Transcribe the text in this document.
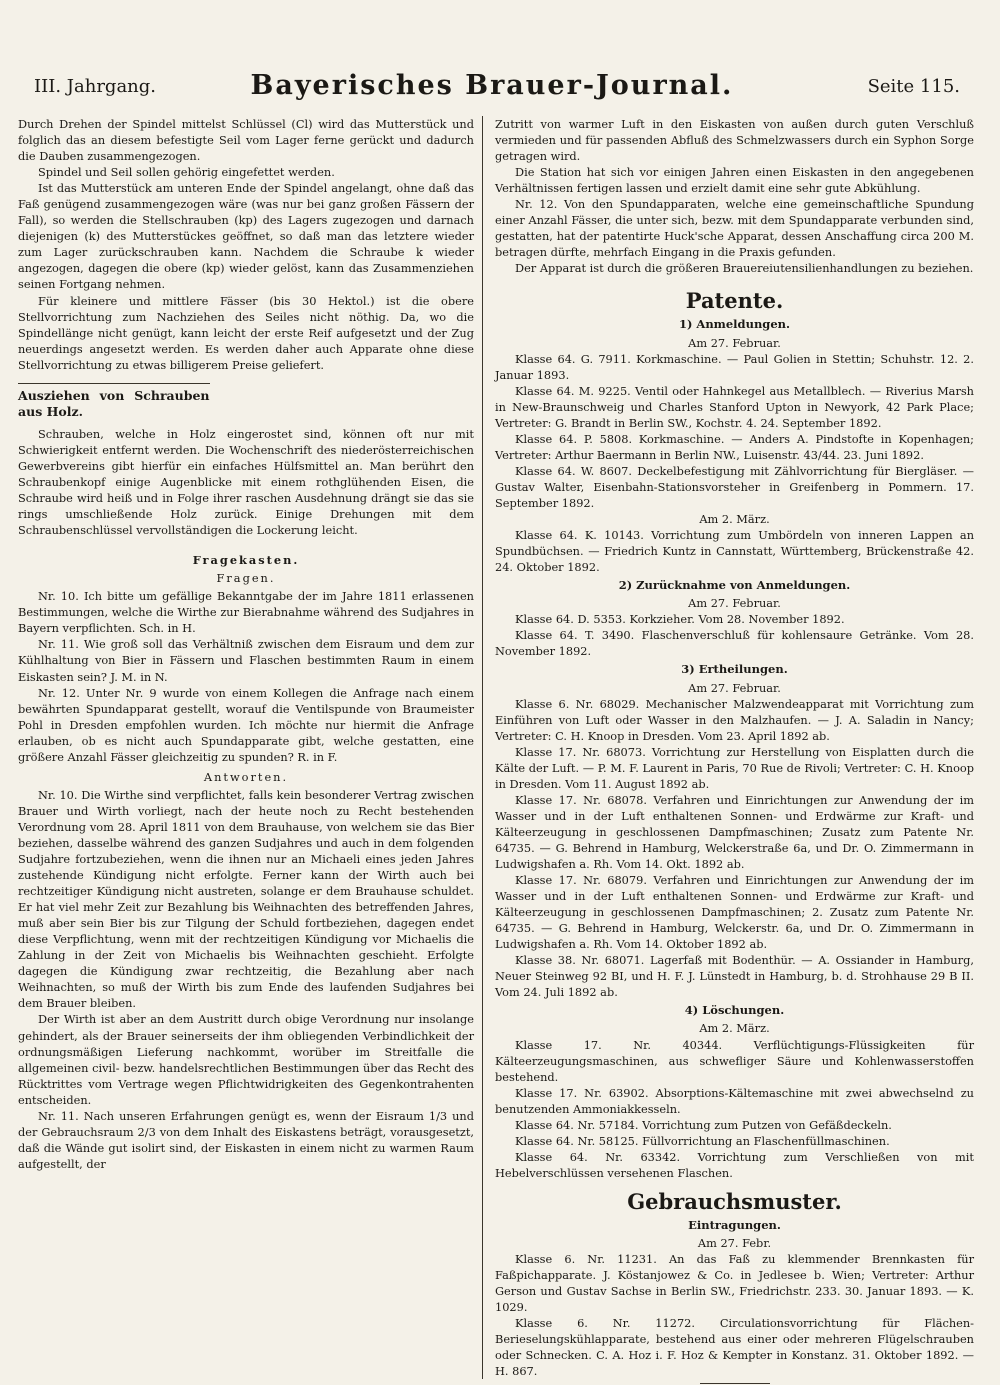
III. Jahrgang.	Bayerisches Brauer-Journal.	Seite 115.

Durch Drehen der Spindel mittelst Schlüssel (Cl) wird das Mutterstück und folglich das an diesem befestigte Seil vom Lager ferne gerückt und dadurch die Dauben zusammengezogen.

Spindel und Seil sollen gehörig eingefettet werden.

Ist das Mutterstück am unteren Ende der Spindel angelangt, ohne daß das Faß genügend zusammengezogen wäre (was nur bei ganz großen Fässern der Fall), so werden die Stellschrauben (kp) des Lagers zugezogen und darnach diejenigen (k) des Mutterstückes geöffnet, so daß man das letztere wieder zum Lager zurückschrauben kann. Nachdem die Schraube k wieder angezogen, dagegen die obere (kp) wieder gelöst, kann das Zusammenziehen seinen Fortgang nehmen.

Für kleinere und mittlere Fässer (bis 30 Hektol.) ist die obere Stellvorrichtung zum Nachziehen des Seiles nicht nöthig. Da, wo die Spindellänge nicht genügt, kann leicht der erste Reif aufgesetzt und der Zug neuerdings angesetzt werden. Es werden daher auch Apparate ohne diese Stellvorrichtung zu etwas billigerem Preise geliefert.

Ausziehen von Schrauben aus Holz.

Schrauben, welche in Holz eingerostet sind, können oft nur mit Schwierigkeit entfernt werden. Die Wochenschrift des niederösterreichischen Gewerbvereins gibt hierfür ein einfaches Hülfsmittel an. Man berührt den Schraubenkopf einige Augenblicke mit einem rothglühenden Eisen, die Schraube wird heiß und in Folge ihrer raschen Ausdehnung drängt sie das sie rings umschließende Holz zurück. Einige Drehungen mit dem Schraubenschlüssel vervollständigen die Lockerung leicht.

Fragekasten.
Fragen.

Nr. 10. Ich bitte um gefällige Bekanntgabe der im Jahre 1811 erlassenen Bestimmungen, welche die Wirthe zur Bierabnahme während des Sudjahres in Bayern verpflichten. Sch. in H.

Nr. 11. Wie groß soll das Verhältniß zwischen dem Eisraum und dem zur Kühlhaltung von Bier in Fässern und Flaschen bestimmten Raum in einem Eiskasten sein? J. M. in N.

Nr. 12. Unter Nr. 9 wurde von einem Kollegen die Anfrage nach einem bewährten Spundapparat gestellt, worauf die Ventilspunde von Braumeister Pohl in Dresden empfohlen wurden. Ich möchte nur hiermit die Anfrage erlauben, ob es nicht auch Spundapparate gibt, welche gestatten, eine größere Anzahl Fässer gleichzeitig zu spunden? R. in F.

Antworten.

Nr. 10. Die Wirthe sind verpflichtet, falls kein besonderer Vertrag zwischen Brauer und Wirth vorliegt, nach der heute noch zu Recht bestehenden Verordnung vom 28. April 1811 von dem Brauhause, von welchem sie das Bier beziehen, dasselbe während des ganzen Sudjahres und auch in dem folgenden Sudjahre fortzubeziehen, wenn die ihnen nur an Michaeli eines jeden Jahres zustehende Kündigung nicht erfolgte. Ferner kann der Wirth auch bei rechtzeitiger Kündigung nicht austreten, solange er dem Brauhause schuldet. Er hat viel mehr Zeit zur Bezahlung bis Weihnachten des betreffenden Jahres, muß aber sein Bier bis zur Tilgung der Schuld fortbeziehen, dagegen endet diese Verpflichtung, wenn mit der rechtzeitigen Kündigung vor Michaelis die Zahlung in der Zeit von Michaelis bis Weihnachten geschieht. Erfolgte dagegen die Kündigung zwar rechtzeitig, die Bezahlung aber nach Weihnachten, so muß der Wirth bis zum Ende des laufenden Sudjahres bei dem Brauer bleiben.

Der Wirth ist aber an dem Austritt durch obige Verordnung nur insolange gehindert, als der Brauer seinerseits der ihm obliegenden Verbindlichkeit der ordnungsmäßigen Lieferung nachkommt, worüber im Streitfalle die allgemeinen civil- bezw. handelsrechtlichen Bestimmungen über das Recht des Rücktrittes vom Vertrage wegen Pflichtwidrigkeiten des Gegenkontrahenten entscheiden.

Nr. 11. Nach unseren Erfahrungen genügt es, wenn der Eisraum 1/3 und der Gebrauchsraum 2/3 von dem Inhalt des Eiskastens beträgt, vorausgesetzt, daß die Wände gut isolirt sind, der Eiskasten in einem nicht zu warmen Raum aufgestellt, der

Zutritt von warmer Luft in den Eiskasten von außen durch guten Verschluß vermieden und für passenden Abfluß des Schmelzwassers durch ein Syphon Sorge getragen wird.

Die Station hat sich vor einigen Jahren einen Eiskasten in den angegebenen Verhältnissen fertigen lassen und erzielt damit eine sehr gute Abkühlung.

Nr. 12. Von den Spundapparaten, welche eine gemeinschaftliche Spundung einer Anzahl Fässer, die unter sich, bezw. mit dem Spundapparate verbunden sind, gestatten, hat der patentirte Huck'sche Apparat, dessen Anschaffung circa 200 M. betragen dürfte, mehrfach Eingang in die Praxis gefunden.

Der Apparat ist durch die größeren Brauereiutensilienhandlungen zu beziehen.

Patente.
1) Anmeldungen.
Am 27. Februar.

Klasse 64. G. 7911. Korkmaschine. — Paul Golien in Stettin; Schuhstr. 12. 2. Januar 1893.

Klasse 64. M. 9225. Ventil oder Hahnkegel aus Metallblech. — Riverius Marsh in New-Braunschweig und Charles Stanford Upton in Newyork, 42 Park Place; Vertreter: G. Brandt in Berlin SW., Kochstr. 4. 24. September 1892.

Klasse 64. P. 5808. Korkmaschine. — Anders A. Pindstofte in Kopenhagen; Vertreter: Arthur Baermann in Berlin NW., Luisenstr. 43/44. 23. Juni 1892.

Klasse 64. W. 8607. Deckelbefestigung mit Zählvorrichtung für Biergläser. — Gustav Walter, Eisenbahn-Stationsvorsteher in Greifenberg in Pommern. 17. September 1892.

Am 2. März.

Klasse 64. K. 10143. Vorrichtung zum Umbördeln von inneren Lappen an Spundbüchsen. — Friedrich Kuntz in Cannstatt, Württemberg, Brückenstraße 42. 24. Oktober 1892.

2) Zurücknahme von Anmeldungen.
Am 27. Februar.

Klasse 64. D. 5353. Korkzieher. Vom 28. November 1892.

Klasse 64. T. 3490. Flaschenverschluß für kohlensaure Getränke. Vom 28. November 1892.

3) Ertheilungen.
Am 27. Februar.

Klasse 6. Nr. 68029. Mechanischer Malzwendeapparat mit Vorrichtung zum Einführen von Luft oder Wasser in den Malzhaufen. — J. A. Saladin in Nancy; Vertreter: C. H. Knoop in Dresden. Vom 23. April 1892 ab.

Klasse 17. Nr. 68073. Vorrichtung zur Herstellung von Eisplatten durch die Kälte der Luft. — P. M. F. Laurent in Paris, 70 Rue de Rivoli; Vertreter: C. H. Knoop in Dresden. Vom 11. August 1892 ab.

Klasse 17. Nr. 68078. Verfahren und Einrichtungen zur Anwendung der im Wasser und in der Luft enthaltenen Sonnen- und Erdwärme zur Kraft- und Kälteerzeugung in geschlossenen Dampfmaschinen; Zusatz zum Patente Nr. 64735. — G. Behrend in Hamburg, Welckerstraße 6a, und Dr. O. Zimmermann in Ludwigshafen a. Rh. Vom 14. Okt. 1892 ab.

Klasse 17. Nr. 68079. Verfahren und Einrichtungen zur Anwendung der im Wasser und in der Luft enthaltenen Sonnen- und Erdwärme zur Kraft- und Kälteerzeugung in geschlossenen Dampfmaschinen; 2. Zusatz zum Patente Nr. 64735. — G. Behrend in Hamburg, Welckerstr. 6a, und Dr. O. Zimmermann in Ludwigshafen a. Rh. Vom 14. Oktober 1892 ab.

Klasse 38. Nr. 68071. Lagerfaß mit Bodenthür. — A. Ossiander in Hamburg, Neuer Steinweg 92 BI, und H. F. J. Lünstedt in Hamburg, b. d. Strohhause 29 B II. Vom 24. Juli 1892 ab.

4) Löschungen.
Am 2. März.

Klasse 17. Nr. 40344. Verflüchtigungs-Flüssigkeiten für Kälteerzeugungsmaschinen, aus schwefliger Säure und Kohlenwasserstoffen bestehend.

Klasse 17. Nr. 63902. Absorptions-Kältemaschine mit zwei abwechselnd zu benutzenden Ammoniakkesseln.

Klasse 64. Nr. 57184. Vorrichtung zum Putzen von Gefäßdeckeln.

Klasse 64. Nr. 58125. Füllvorrichtung an Flaschenfüllmaschinen.

Klasse 64. Nr. 63342. Vorrichtung zum Verschließen von mit Hebelverschlüssen versehenen Flaschen.

Gebrauchsmuster.
Eintragungen.
Am 27. Febr.

Klasse 6. Nr. 11231. An das Faß zu klemmender Brennkasten für Faßpichapparate. J. Köstanjowez & Co. in Jedlesee b. Wien; Vertreter: Arthur Gerson und Gustav Sachse in Berlin SW., Friedrichstr. 233. 30. Januar 1893. — K. 1029.

Klasse 6. Nr. 11272. Circulationsvorrichtung für Flächen-Berieselungskühlapparate, bestehend aus einer oder mehreren Flügelschrauben oder Schnecken. C. A. Hoz i. F. Hoz & Kempter in Konstanz. 31. Oktober 1892. — H. 867.
